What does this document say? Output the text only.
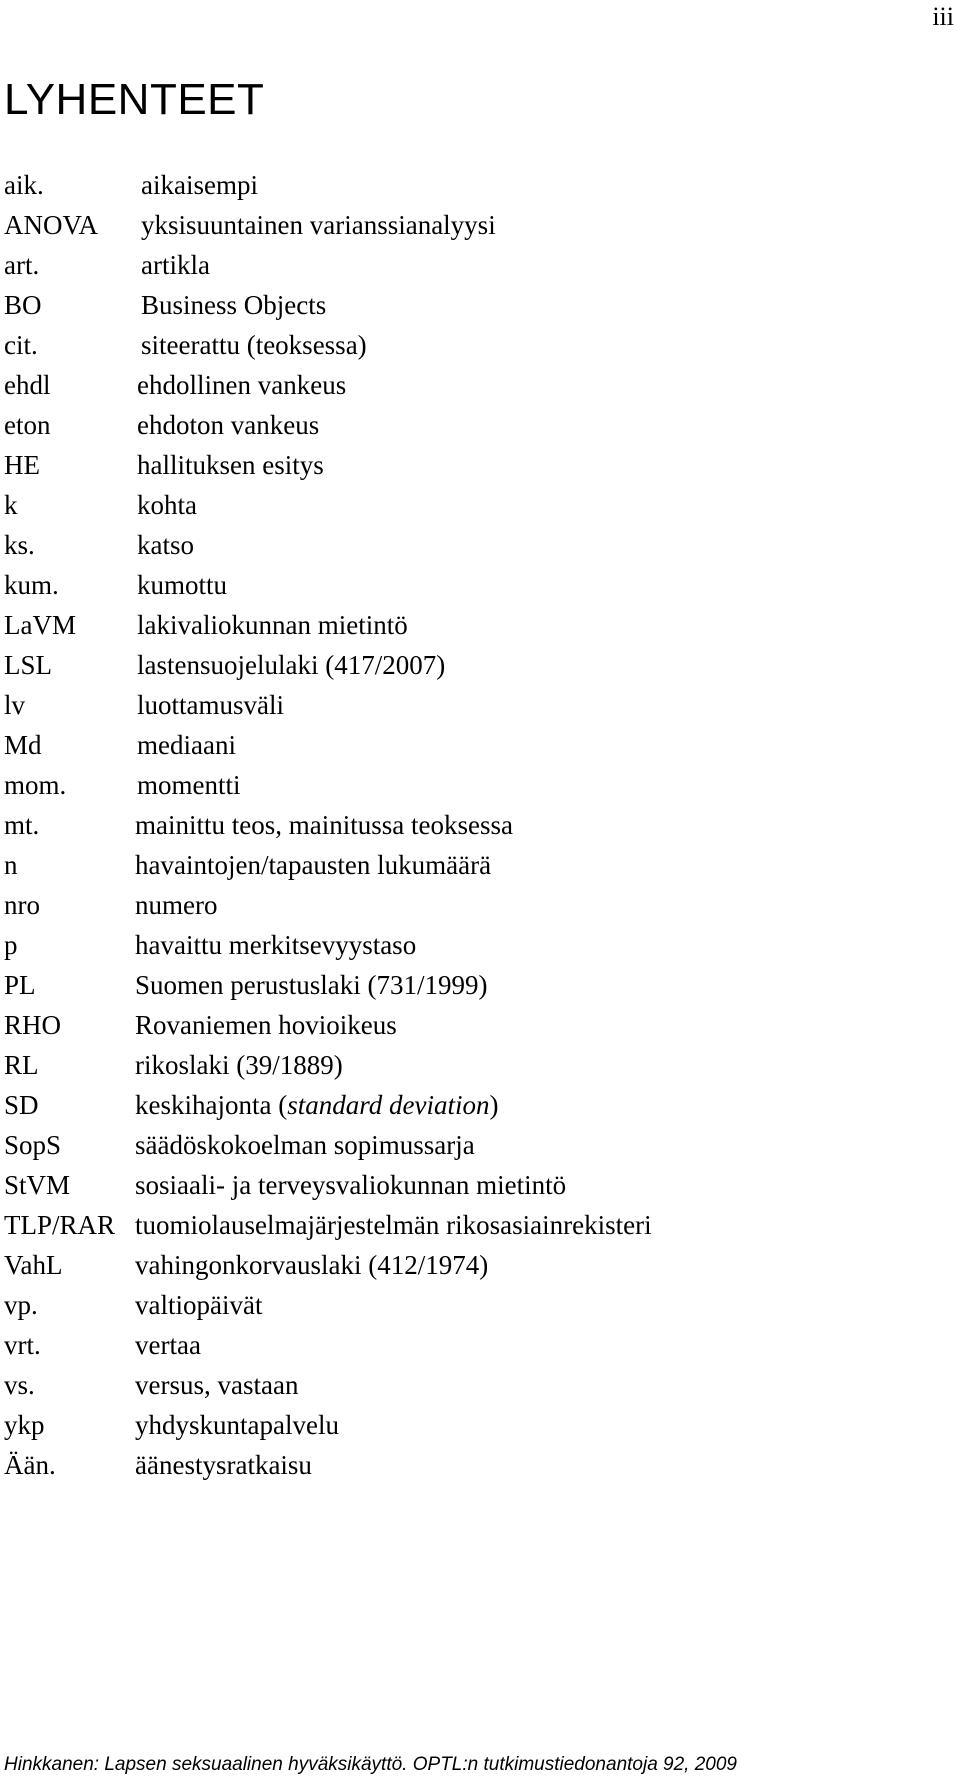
iii
LYHENTEET
aik.	aikaisempi
ANOVA	yksisuuntainen varianssianalyysi
art.	artikla
BO	Business Objects
cit.	siteerattu (teoksessa)
ehdl	ehdollinen vankeus
eton	ehdoton vankeus
HE	hallituksen esitys
k	kohta
ks.	katso
kum.	kumottu
LaVM	lakivaliokunnan mietintö
LSL	lastensuojelulaki (417/2007)
lv	luottamusväli
Md	mediaani
mom.	momentti
mt.	mainittu teos, mainitussa teoksessa
n	havaintojen/tapausten lukumäärä
nro	numero
p	havaittu merkitsevyystaso
PL	Suomen perustuslaki (731/1999)
RHO	Rovaniemen hovioikeus
RL	rikoslaki (39/1889)
SD	keskihajonta (standard deviation)
SopS	säädöskokoelman sopimussarja
StVM	sosiaali- ja terveysvaliokunnan mietintö
TLP/RAR tuomiolauselmajärjestelmän rikosasiainrekisteri
VahL	vahingonkorvauslaki (412/1974)
vp.	valtiopäivät
vrt.	vertaa
vs.	versus, vastaan
ykp	yhdyskuntapalvelu
Ään.	äänestysratkaisu
Hinkkanen: Lapsen seksuaalinen hyväksikäyttö. OPTL:n tutkimustiedonantoja 92, 2009
